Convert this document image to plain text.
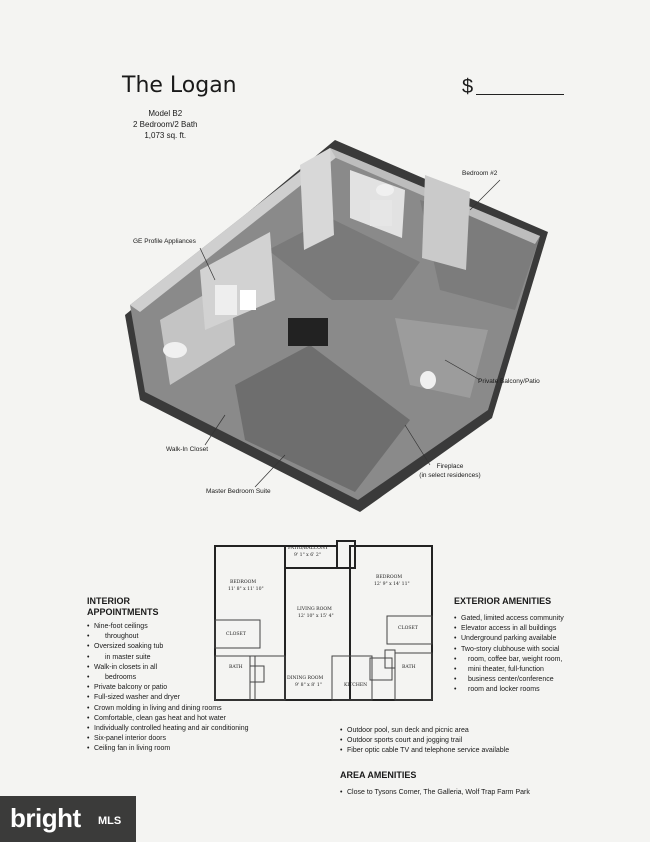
The Logan	$
Model B2
2 Bedroom/2 Bath
1,073 sq. ft.
Bedroom #2
GE Profile Appliances
Private Balcony/Patio
Walk-In Closet
Fireplace
(in select residences)
Master Bedroom Suite
PATIO/BALCONY
9' 1" x 6' 2"
BEDROOM
11' 8" x 11' 10"
BEDROOM
12' 9" x 14' 11"
LIVING ROOM
12' 10" x 15' 4"
CLOSET
CLOSET
BATH	BATH
DINING ROOM
9' 8" x 8' 1"	KITCHEN
INTERIOR
APPOINTMENTS
• Nine-foot ceilings
• throughout
• Oversized soaking tub
• in master suite
• Walk-in closets in all
• bedrooms
• Private balcony or patio
• Full-sized washer and dryer
• Crown molding in living and dining rooms
• Comfortable, clean gas heat and hot water
• Individually controlled heating and air conditioning
• Six-panel interior doors
• Ceiling fan in living room
EXTERIOR AMENITIES
• Gated, limited access community
• Elevator access in all buildings
• Underground parking available
• Two-story clubhouse with social
• room, coffee bar, weight room,
• mini theater, full-function
• business center/conference
• room and locker rooms
• Outdoor pool, sun deck and picnic area
• Outdoor sports court and jogging trail
• Fiber optic cable TV and telephone service available
AREA AMENITIES
• Close to Tysons Corner, The Galleria, Wolf Trap Farm Park
bright MLS
